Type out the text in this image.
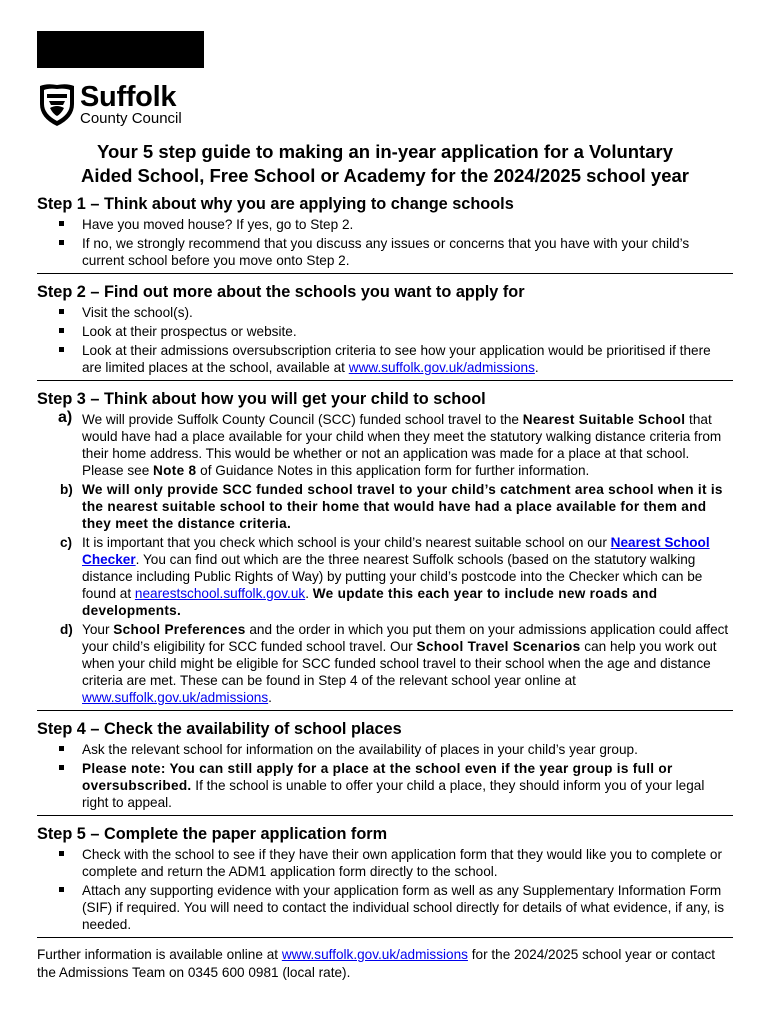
Suffolk
County Council
Your 5 step guide to making an in-year application for a Voluntary
Aided School, Free School or Academy for the 2024/2025 school year
Step 1 – Think about why you are applying to change schools
Have you moved house? If yes, go to Step 2.
If no, we strongly recommend that you discuss any issues or concerns that you have with your child’s current school before you move onto Step 2.
Step 2 – Find out more about the schools you want to apply for
Visit the school(s).
Look at their prospectus or website.
Look at their admissions oversubscription criteria to see how your application would be prioritised if there are limited places at the school, available at www.suffolk.gov.uk/admissions.
Step 3 – Think about how you will get your child to school
a) We will provide Suffolk County Council (SCC) funded school travel to the Nearest Suitable School that would have had a place available for your child when they meet the statutory walking distance criteria from their home address. This would be whether or not an application was made for a place at that school. Please see Note 8 of Guidance Notes in this application form for further information.
b) We will only provide SCC funded school travel to your child’s catchment area school when it is the nearest suitable school to their home that would have had a place available for them and they meet the distance criteria.
c) It is important that you check which school is your child’s nearest suitable school on our Nearest School Checker. You can find out which are the three nearest Suffolk schools (based on the statutory walking distance including Public Rights of Way) by putting your child’s postcode into the Checker which can be found at nearestschool.suffolk.gov.uk. We update this each year to include new roads and developments.
d) Your School Preferences and the order in which you put them on your admissions application could affect your child’s eligibility for SCC funded school travel. Our School Travel Scenarios can help you work out when your child might be eligible for SCC funded school travel to their school when the age and distance criteria are met. These can be found in Step 4 of the relevant school year online at www.suffolk.gov.uk/admissions.
Step 4 – Check the availability of school places
Ask the relevant school for information on the availability of places in your child’s year group.
Please note: You can still apply for a place at the school even if the year group is full or oversubscribed. If the school is unable to offer your child a place, they should inform you of your legal right to appeal.
Step 5 – Complete the paper application form
Check with the school to see if they have their own application form that they would like you to complete or complete and return the ADM1 application form directly to the school.
Attach any supporting evidence with your application form as well as any Supplementary Information Form (SIF) if required. You will need to contact the individual school directly for details of what evidence, if any, is needed.
Further information is available online at www.suffolk.gov.uk/admissions for the 2024/2025 school year or contact the Admissions Team on 0345 600 0981 (local rate).
